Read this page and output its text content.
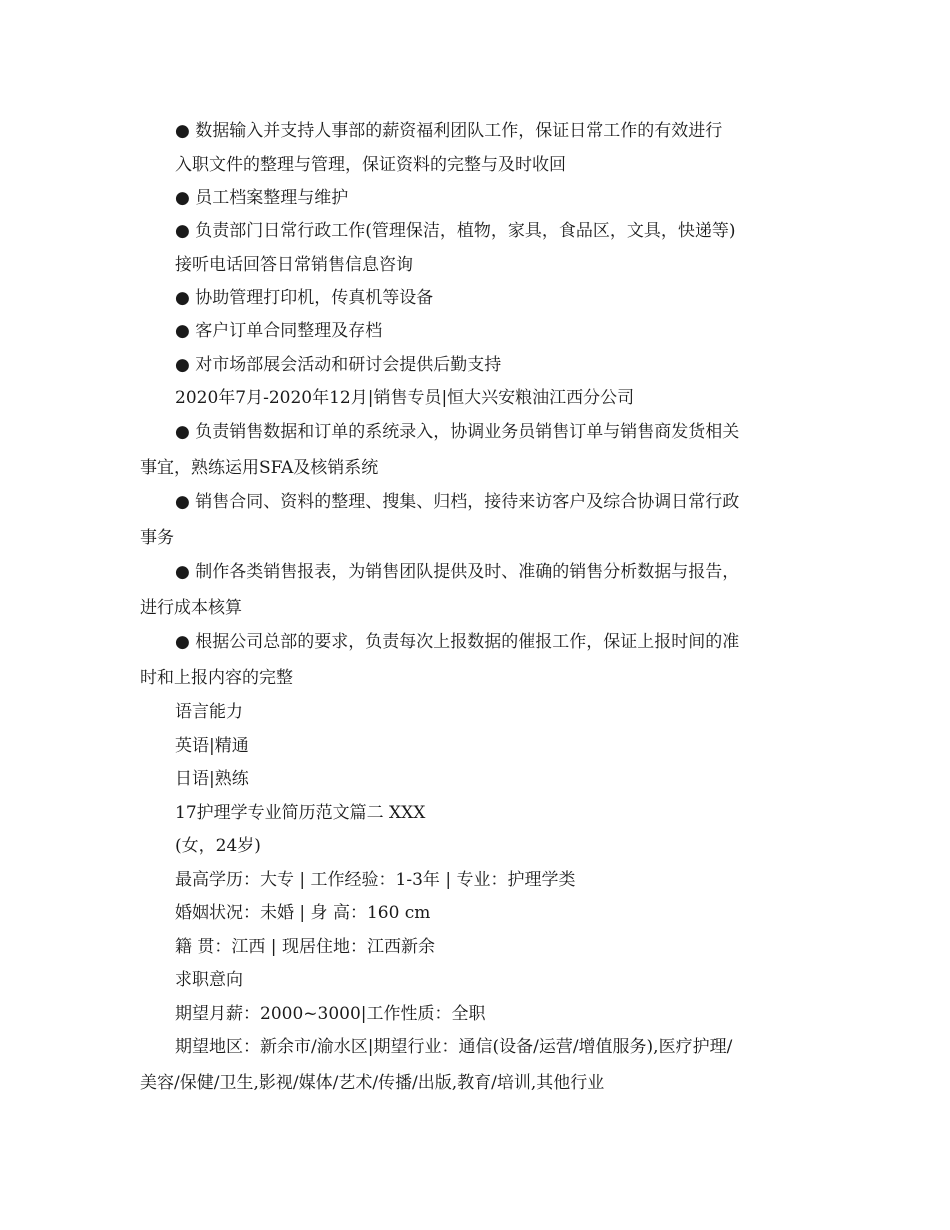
● 数据输入并支持人事部的薪资福利团队工作，保证日常工作的有效进行
入职文件的整理与管理，保证资料的完整与及时收回
● 员工档案整理与维护
● 负责部门日常行政工作(管理保洁，植物，家具，食品区，文具，快递等)
接听电话回答日常销售信息咨询
● 协助管理打印机，传真机等设备
● 客户订单合同整理及存档
● 对市场部展会活动和研讨会提供后勤支持
2020年7月-2020年12月|销售专员|恒大兴安粮油江西分公司
● 负责销售数据和订单的系统录入，协调业务员销售订单与销售商发货相关
事宜，熟练运用SFA及核销系统
● 销售合同、资料的整理、搜集、归档，接待来访客户及综合协调日常行政
事务
● 制作各类销售报表，为销售团队提供及时、准确的销售分析数据与报告，
进行成本核算
● 根据公司总部的要求，负责每次上报数据的催报工作，保证上报时间的准
时和上报内容的完整
语言能力
英语|精通
日语|熟练
17护理学专业简历范文篇二 XXX
(女，24岁)
最高学历：大专 | 工作经验：1-3年 | 专业：护理学类
婚姻状况：未婚 | 身 高：160 cm
籍 贯：江西 | 现居住地：江西新余
求职意向
期望月薪：2000~3000|工作性质：全职
期望地区：新余市/渝水区|期望行业：通信(设备/运营/增值服务),医疗护理/
美容/保健/卫生,影视/媒体/艺术/传播/出版,教育/培训,其他行业
